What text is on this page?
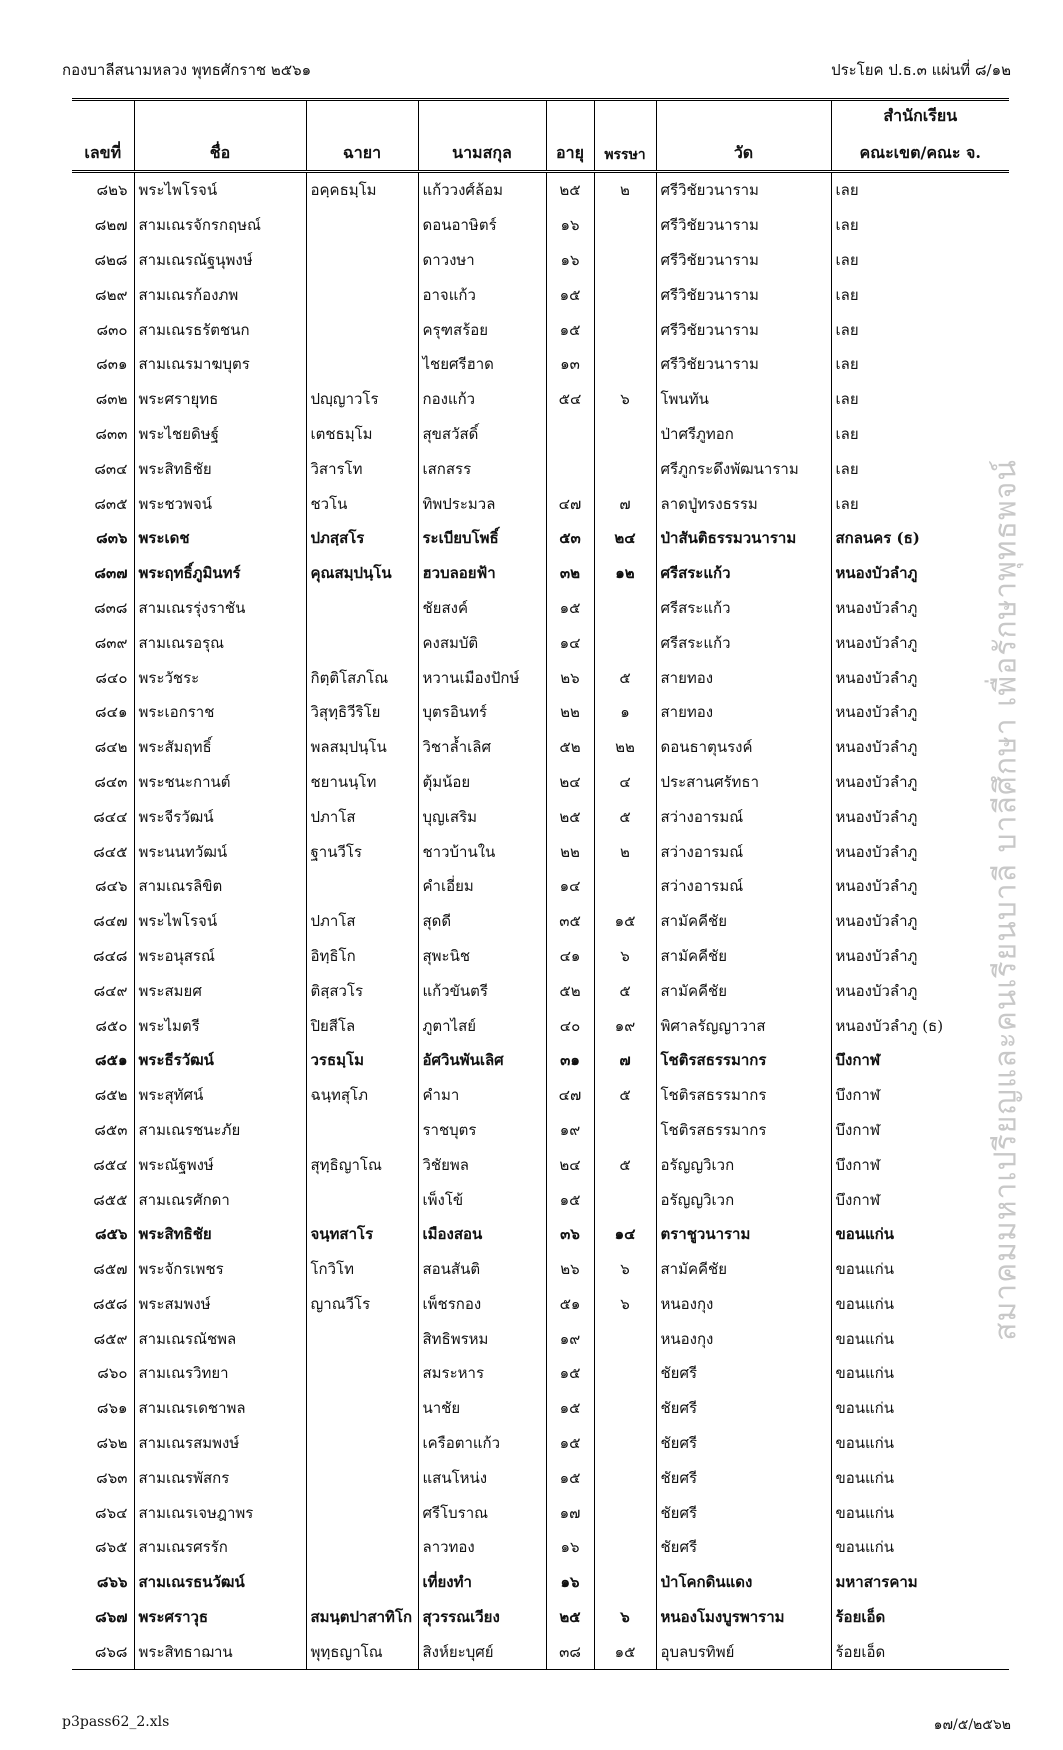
กองบาลีสนามหลวง พุทธศักราช ๒๕๖๑	ประโยค ป.ธ.๓ แผ่นที่ ๘/๑๒
สมาคมมหาเปรียญและคนเรียนบาลี บาลีศึกษา เพื่อรักษาพุทธพจน์
เลขที่	ชื่อ	ฉายา	นามสกุล	อายุ	พรรษา	วัด	สำนักเรียน
คณะเขต/คณะ จ.

๘๒๖	พระไพโรจน์	อคฺคธมฺโม	แก้ววงศ์ล้อม	๒๕	๒	ศรีวิชัยวนาราม	เลย
๘๒๗	สามเณรจักรกฤษณ์		ดอนอาษิตร์	๑๖		ศรีวิชัยวนาราม	เลย
๘๒๘	สามเณรณัฐนุพงษ์		ดาวงษา	๑๖		ศรีวิชัยวนาราม	เลย
๘๒๙	สามเณรก้องภพ		อาจแก้ว	๑๕		ศรีวิชัยวนาราม	เลย
๘๓๐	สามเณรธรัตชนก		ครุฑสร้อย	๑๕		ศรีวิชัยวนาราม	เลย
๘๓๑	สามเณรมาฆบุตร		ไชยศรีฮาด	๑๓		ศรีวิชัยวนาราม	เลย
๘๓๒	พระศรายุทธ	ปญฺญาวโร	กองแก้ว	๕๔	๖	โพนทัน	เลย
๘๓๓	พระไชยดิษฐ์	เตชธมฺโม	สุขสวัสดิ์			ป่าศรีภูทอก	เลย
๘๓๔	พระสิทธิชัย	วิสารโท	เสกสรร			ศรีภูกระดึงพัฒนาราม	เลย
๘๓๕	พระชวพจน์	ชวโน	ทิพประมวล	๔๗	๗	ลาดปู่ทรงธรรม	เลย
๘๓๖	พระเดช	ปภสฺสโร	ระเบียบโพธิ์	๕๓	๒๔	ป่าสันติธรรมวนาราม	สกลนคร (ธ)
๘๓๗	พระฤทธิ์ภูมินทร์	คุณสมฺปนฺโน	ฮวบลอยฟ้า	๓๒	๑๒	ศรีสระแก้ว	หนองบัวลำภู
๘๓๘	สามเณรรุ่งราชัน		ชัยสงค์	๑๕		ศรีสระแก้ว	หนองบัวลำภู
๘๓๙	สามเณรอรุณ		คงสมบัติ	๑๔		ศรีสระแก้ว	หนองบัวลำภู
๘๔๐	พระวัชระ	กิตฺติโสภโณ	หวานเมืองปักษ์	๒๖	๕	สายทอง	หนองบัวลำภู
๘๔๑	พระเอกราช	วิสุทฺธิวีริโย	บุตรอินทร์	๒๒	๑	สายทอง	หนองบัวลำภู
๘๔๒	พระสัมฤทธิ์	พลสมฺปนฺโน	วิชาล้ำเลิศ	๕๒	๒๒	ดอนธาตุนรงค์	หนองบัวลำภู
๘๔๓	พระชนะกานต์	ชยานนฺโท	ตุ้มน้อย	๒๔	๔	ประสานศรัทธา	หนองบัวลำภู
๘๔๔	พระจีรวัฒน์	ปภาโส	บุญเสริม	๒๕	๕	สว่างอารมณ์	หนองบัวลำภู
๘๔๕	พระนนทวัฒน์	ฐานวีโร	ชาวบ้านใน	๒๒	๒	สว่างอารมณ์	หนองบัวลำภู
๘๔๖	สามเณรลิขิต		คำเอี่ยม	๑๔		สว่างอารมณ์	หนองบัวลำภู
๘๔๗	พระไพโรจน์	ปภาโส	สุดดี	๓๕	๑๕	สามัคคีชัย	หนองบัวลำภู
๘๔๘	พระอนุสรณ์	อิทฺธิโก	สุพะนิช	๔๑	๖	สามัคคีชัย	หนองบัวลำภู
๘๔๙	พระสมยศ	ติสฺสวโร	แก้วขันตรี	๕๒	๕	สามัคคีชัย	หนองบัวลำภู
๘๕๐	พระไมตรี	ปิยสีโล	ภูตาไสย์	๔๐	๑๙	พิศาลรัญญาวาส	หนองบัวลำภู (ธ)
๘๕๑	พระธีรวัฒน์	วรธมฺโม	อัศวินพันเลิศ	๓๑	๗	โชติรสธรรมากร	บึงกาฬ
๘๕๒	พระสุทัศน์	ฉนฺทสุโภ	คำมา	๔๗	๕	โชติรสธรรมากร	บึงกาฬ
๘๕๓	สามเณรชนะภัย		ราชบุตร	๑๙		โชติรสธรรมากร	บึงกาฬ
๘๕๔	พระณัฐพงษ์	สุทฺธิญาโณ	วิชัยพล	๒๔	๕	อรัญญวิเวก	บึงกาฬ
๘๕๕	สามเณรศักดา		เพ็งโข้	๑๕		อรัญญวิเวก	บึงกาฬ
๘๕๖	พระสิทธิชัย	จนฺทสาโร	เมืองสอน	๓๖	๑๔	ตราชูวนาราม	ขอนแก่น
๘๕๗	พระจักรเพชร	โกวิโท	สอนสันติ	๒๖	๖	สามัคคีชัย	ขอนแก่น
๘๕๘	พระสมพงษ์	ญาณวีโร	เพ็ชรกอง	๕๑	๖	หนองกุง	ขอนแก่น
๘๕๙	สามเณรณัชพล		สิทธิพรหม	๑๙		หนองกุง	ขอนแก่น
๘๖๐	สามเณรวิทยา		สมระหาร	๑๕		ชัยศรี	ขอนแก่น
๘๖๑	สามเณรเดชาพล		นาชัย	๑๕		ชัยศรี	ขอนแก่น
๘๖๒	สามเณรสมพงษ์		เครือตาแก้ว	๑๕		ชัยศรี	ขอนแก่น
๘๖๓	สามเณรพัสกร		แสนโหน่ง	๑๕		ชัยศรี	ขอนแก่น
๘๖๔	สามเณรเจษฎาพร		ศรีโบราณ	๑๗		ชัยศรี	ขอนแก่น
๘๖๕	สามเณรศรรัก		ลาวทอง	๑๖		ชัยศรี	ขอนแก่น
๘๖๖	สามเณรธนวัฒน์		เที่ยงทำ	๑๖		ป่าโคกดินแดง	มหาสารคาม
๘๖๗	พระศราวุธ	สมนฺตปาสาทิโก	สุวรรณเวียง	๒๕	๖	หนองโมงบูรพาราม	ร้อยเอ็ด
๘๖๘	พระสิทธาฌาน	พุทฺธญาโณ	สิงห์ยะบุศย์	๓๘	๑๕	อุบลบรทิพย์	ร้อยเอ็ด
p3pass62_2.xls	๑๗/๕/๒๕๖๒
